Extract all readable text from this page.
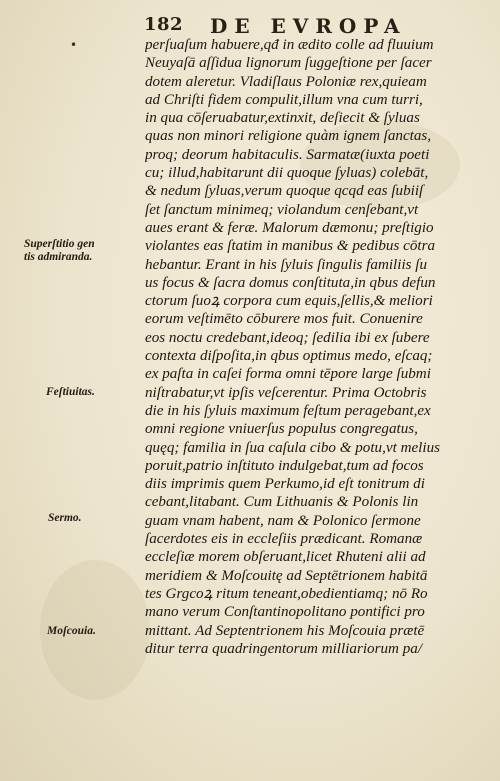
182 DE EVROPA
•	perſuaſum habuere,qđ in ædito colle ad fluuium
Neuyaſā aſſidua lignorum ſuggeſtione per ſacer
dotem aleretur. Vladiſlaus Poloniæ rex,quieam
ad Chriſti fidem compulit,illum vna cum turri,
in qua cōſeruabatur,extinxit, deſiecit & ſyluas
quas non minori religione quàm ignem ſanctas,
proq; deorum habitaculis. Sarmatæ(iuxta poeti
cu; illud,habitarunt dii quoque ſyluas) colebāt,
& nedum ſyluas,verum quoque qcqd eas ſubiiſ
ſet ſanctum minimeq; violandum cenſebant,vt
aues erant & feræ. Malorum dæmonu; preſtigio
violantes eas ſtatim in manibus & pedibus cōtra
hebantur. Erant in his ſyluis ſingulis familiis ſu
us focus & ſacra domus conſtituta,in qbus defun
ctorum ſuoꝝ corpora cum equis,ſellis,& meliori
eorum veſtimēto cōburere mos fuit. Conuenire
eos noctu credebant,ideoq; ſedilia ibi ex ſubere
contexta diſpoſita,in qbus optimus medo, eſcaq;
ex paſta in caſei forma omni tēpore large ſubmi
niſtrabatur,vt ipſis veſcerentur. Prima Octobris
die in his ſyluis maximum feſtum peragebant,ex
omni regione vniuerſus populus congregatus,
quęq; familia in ſua caſula cibo & potu,vt melius
poruit,patrio inſtituto indulgebat,tum ad focos
diis imprimis quem Perkumo,id eſt tonitrum di
cebant,litabant. Cum Lithuanis & Polonis lin
guam vnam habent, nam & Polonico ſermone
ſacerdotes eis in eccleſiis prædicant. Romanæ
eccleſiæ morem obſeruant,licet Rhuteni alii ad
meridiem & Moſcouitę ad Septētrionem habitā
tes Grgcoꝝ ritum teneant,obedientiamq; nō Ro
mano verum Conſtantinopolitano pontifici pro
mittant. Ad Septentrionem his Moſcouia prætē
ditur terra quadringentorum milliariorum pa/
Superſtitio gen
tis admiranda.
Feſtiuitas.
Sermo.
Moſcouia.
